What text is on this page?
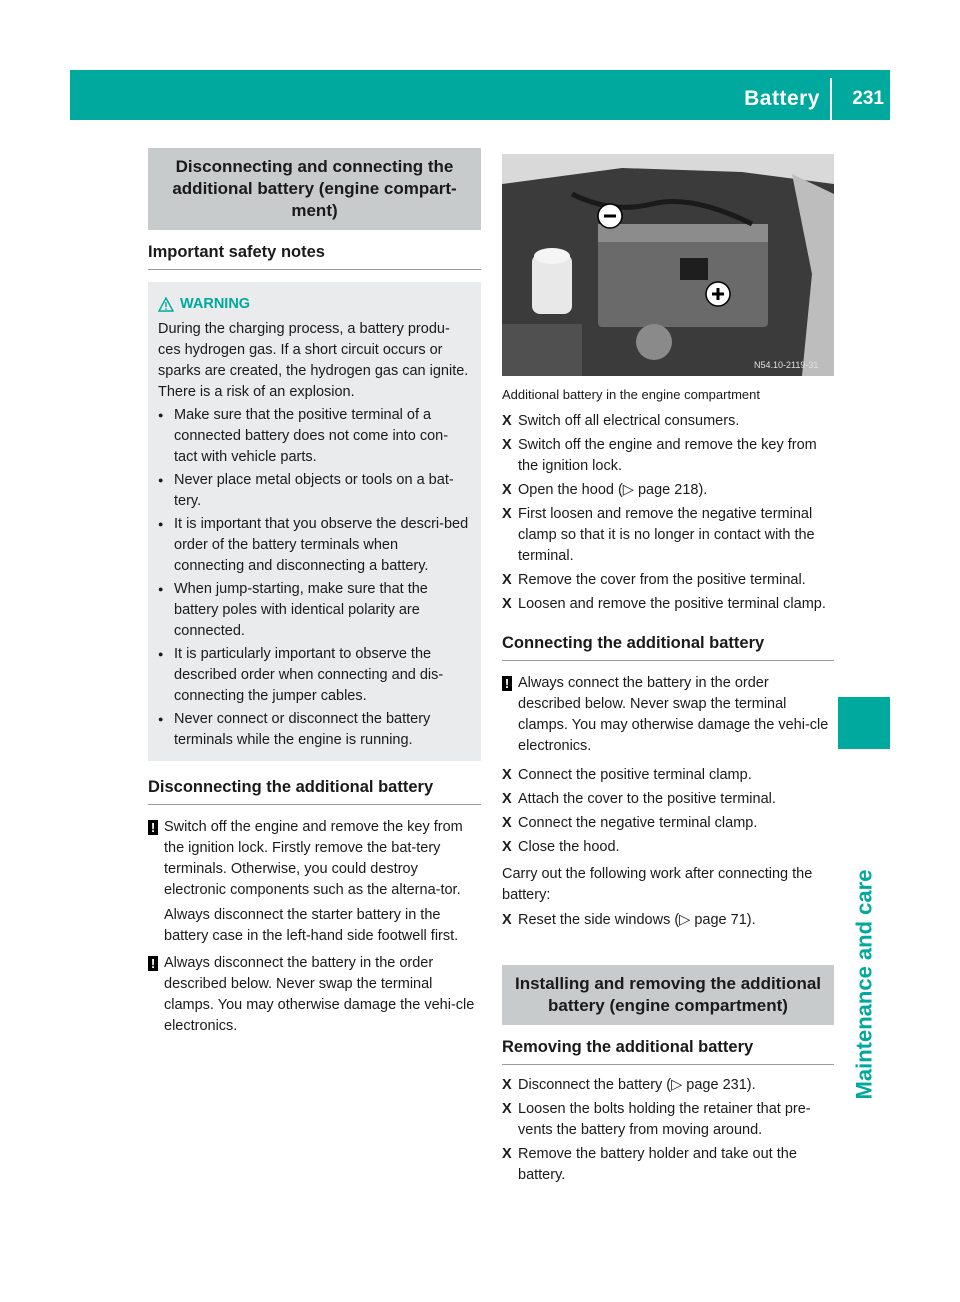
Battery 231
Maintenance and care
Disconnecting and connecting the additional battery (engine compart-ment)
Important safety notes
WARNING
During the charging process, a battery produ-ces hydrogen gas. If a short circuit occurs or sparks are created, the hydrogen gas can ignite. There is a risk of an explosion.
● Make sure that the positive terminal of a connected battery does not come into con-tact with vehicle parts.
● Never place metal objects or tools on a bat-tery.
● It is important that you observe the descri-bed order of the battery terminals when connecting and disconnecting a battery.
● When jump-starting, make sure that the battery poles with identical polarity are connected.
● It is particularly important to observe the described order when connecting and dis-connecting the jumper cables.
● Never connect or disconnect the battery terminals while the engine is running.
Disconnecting the additional battery
! Switch off the engine and remove the key from the ignition lock. Firstly remove the bat-tery terminals. Otherwise, you could destroy electronic components such as the alterna-tor.

Always disconnect the starter battery in the battery case in the left-hand side footwell first.

! Always disconnect the battery in the order described below. Never swap the terminal clamps. You may otherwise damage the vehi-cle electronics.

N54.10-2119-31
Additional battery in the engine compartment
X Switch off all electrical consumers.
X Switch off the engine and remove the key from the ignition lock.
X Open the hood (▷ page 218).
X First loosen and remove the negative terminal clamp so that it is no longer in contact with the terminal.
X Remove the cover from the positive terminal.
X Loosen and remove the positive terminal clamp.
Connecting the additional battery
! Always connect the battery in the order described below. Never swap the terminal clamps. You may otherwise damage the vehi-cle electronics.

X Connect the positive terminal clamp.
X Attach the cover to the positive terminal.
X Connect the negative terminal clamp.
X Close the hood.
Carry out the following work after connecting the battery:
X Reset the side windows (▷ page 71).
Installing and removing the additional battery (engine compartment)
Removing the additional battery
X Disconnect the battery (▷ page 231).
X Loosen the bolts holding the retainer that pre-vents the battery from moving around.
X Remove the battery holder and take out the battery.
